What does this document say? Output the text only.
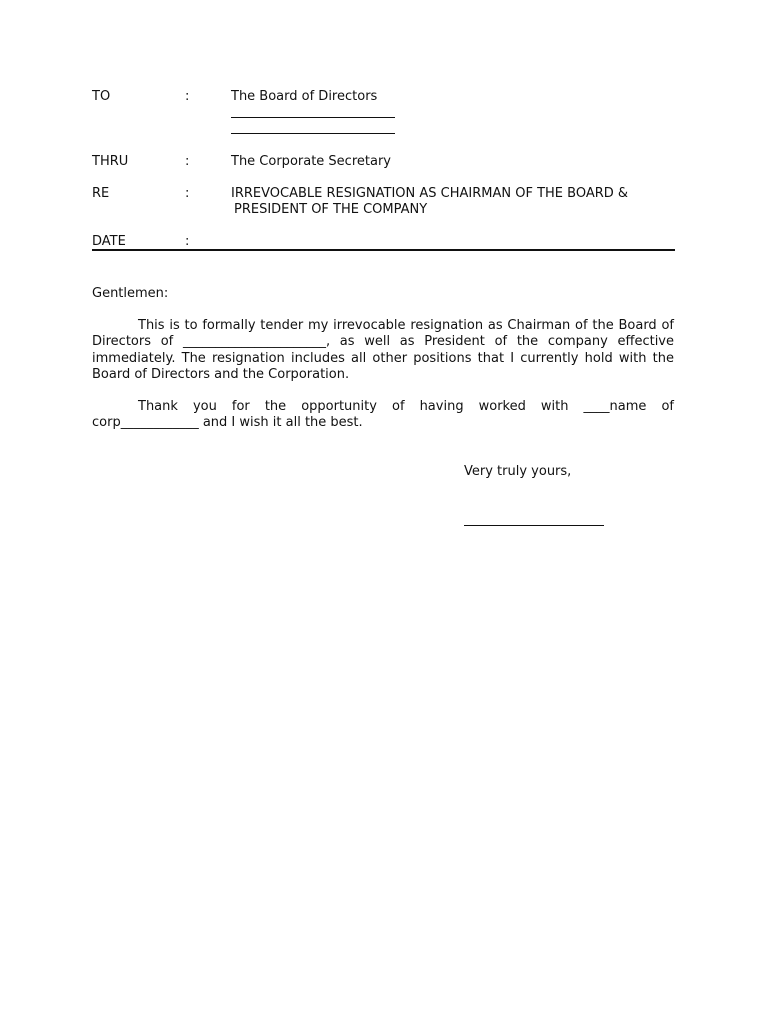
TO	:	The Board of Directors
THRU	:	The Corporate Secretary
RE	:	IRREVOCABLE RESIGNATION AS CHAIRMAN OF THE BOARD &
PRESIDENT OF THE COMPANY
DATE	:
Gentlemen:
This is to formally tender my irrevocable resignation as Chairman of the Board of Directors of ______________________, as well as President of the company effective immediately. The resignation includes all other positions that I currently hold with the Board of Directors and the Corporation.
Thank you for the opportunity of having worked with ____name of corp____________ and I wish it all the best.
Very truly yours,
